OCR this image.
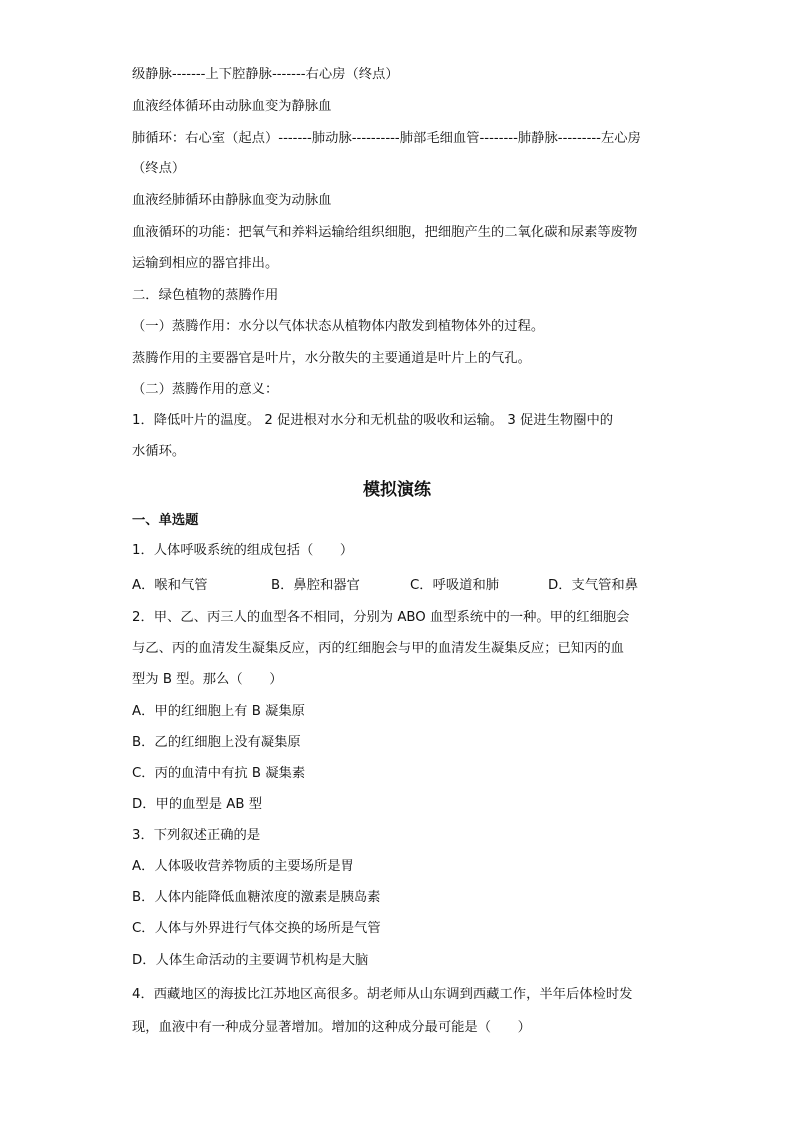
级静脉-------上下腔静脉-------右心房（终点）
血液经体循环由动脉血变为静脉血
肺循环：右心室（起点）-------肺动脉----------肺部毛细血管--------肺静脉---------左心房
（终点）
血液经肺循环由静脉血变为动脉血
血液循环的功能：把氧气和养料运输给组织细胞，把细胞产生的二氧化碳和尿素等废物
运输到相应的器官排出。
二．绿色植物的蒸腾作用
（一）蒸腾作用：水分以气体状态从植物体内散发到植物体外的过程。
蒸腾作用的主要器官是叶片，水分散失的主要通道是叶片上的气孔。
（二）蒸腾作用的意义：
1．降低叶片的温度。 2 促进根对水分和无机盐的吸收和运输。 3 促进生物圈中的
水循环。
模拟演练
一、单选题
1．人体呼吸系统的组成包括（　　）
A．喉和气管	B．鼻腔和器官	C．呼吸道和肺	D．支气管和鼻
2．甲、乙、丙三人的血型各不相同，分别为 ABO 血型系统中的一种。甲的红细胞会
与乙、丙的血清发生凝集反应，丙的红细胞会与甲的血清发生凝集反应；已知丙的血
型为 B 型。那么（　　）
A．甲的红细胞上有 B 凝集原
B．乙的红细胞上没有凝集原
C．丙的血清中有抗 B 凝集素
D．甲的血型是 AB 型
3．下列叙述正确的是
A．人体吸收营养物质的主要场所是胃
B．人体内能降低血糖浓度的激素是胰岛素
C．人体与外界进行气体交换的场所是气管
D．人体生命活动的主要调节机构是大脑
4．西藏地区的海拔比江苏地区高很多。胡老师从山东调到西藏工作，半年后体检时发
现，血液中有一种成分显著增加。增加的这种成分最可能是（　　）
